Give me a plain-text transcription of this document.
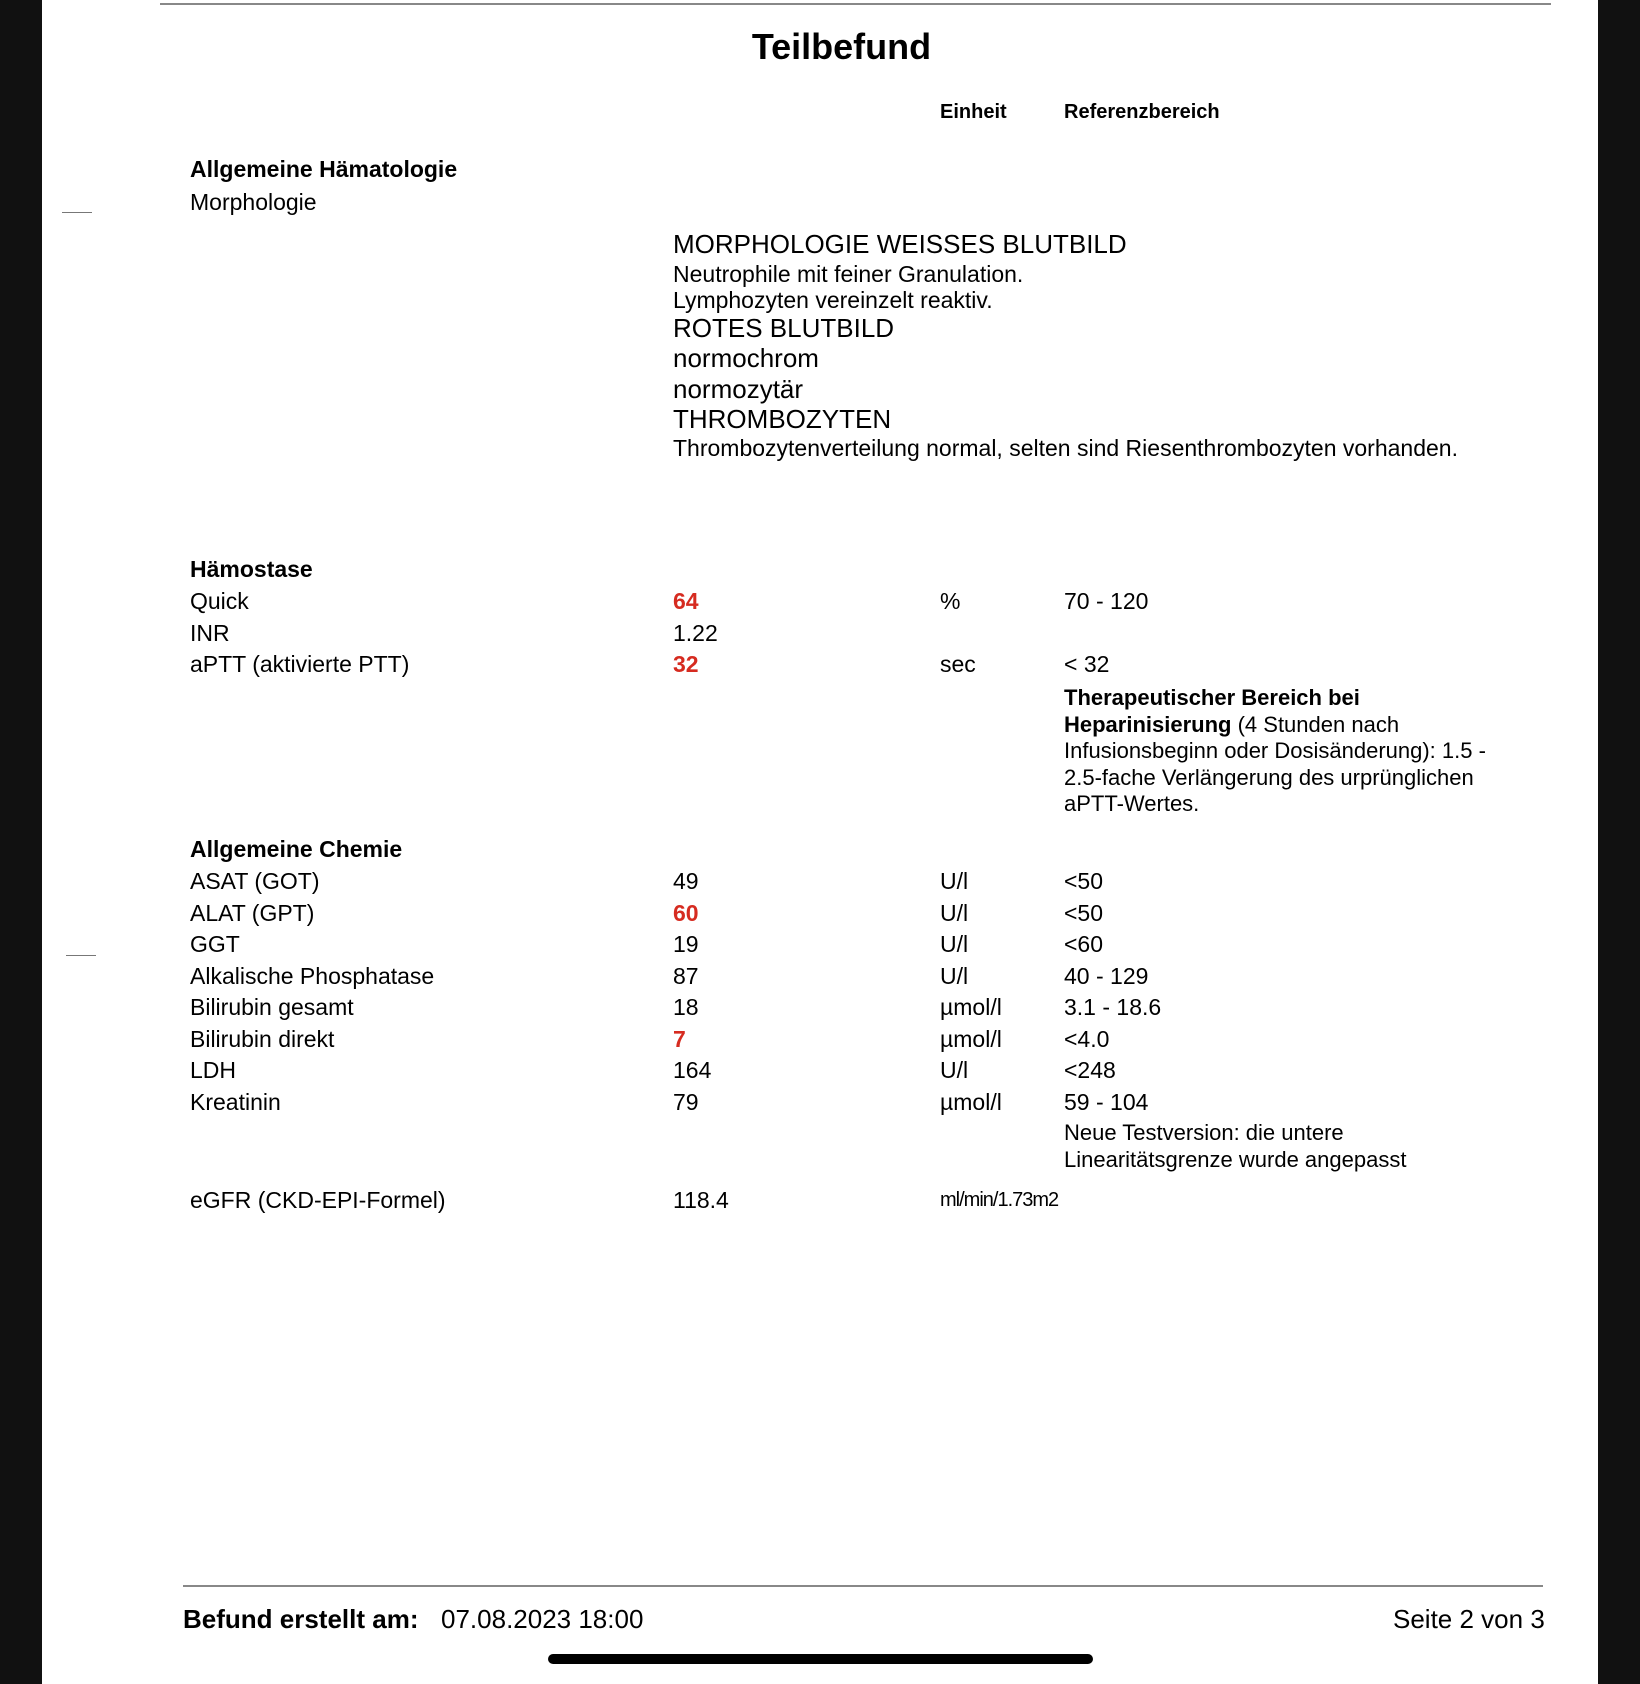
Teilbefund
Einheit	Referenzbereich
Allgemeine Hämatologie
Morphologie
MORPHOLOGIE WEISSES BLUTBILD
Neutrophile mit feiner Granulation.
Lymphozyten vereinzelt reaktiv.
ROTES BLUTBILD
normochrom
normozytär
THROMBOZYTEN
Thrombozytenverteilung normal, selten sind Riesenthrombozyten vorhanden.
Hämostase
Quick	64	%	70 - 120
INR	1.22
aPTT (aktivierte PTT)	32	sec	< 32
Therapeutischer Bereich bei Heparinisierung (4 Stunden nach Infusionsbeginn oder Dosisänderung): 1.5 - 2.5-fache Verlängerung des urprünglichen aPTT-Wertes.
Allgemeine Chemie
ASAT (GOT)	49	U/l	<50
ALAT (GPT)	60	U/l	<50
GGT	19	U/l	<60
Alkalische Phosphatase	87	U/l	40 - 129
Bilirubin gesamt	18	µmol/l	3.1 - 18.6
Bilirubin direkt	7	µmol/l	<4.0
LDH	164	U/l	<248
Kreatinin	79	µmol/l	59 - 104
Neue Testversion: die untere Linearitätsgrenze wurde angepasst
eGFR (CKD-EPI-Formel)	118.4	ml/min/1.73m2
Befund erstellt am: 07.08.2023 18:00	Seite 2 von 3
